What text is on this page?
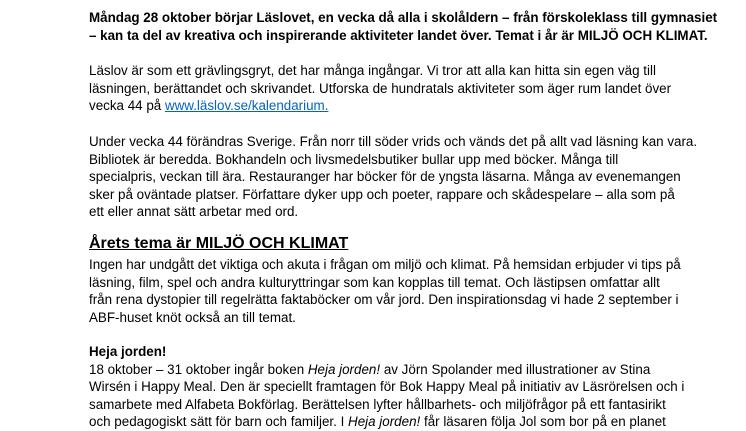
Måndag 28 oktober börjar Läslovet, en vecka då alla i skolåldern – från förskoleklass till gymnasiet
– kan ta del av kreativa och inspirerande aktiviteter landet över. Temat i år är MILJÖ OCH KLIMAT.

Läslov är som ett grävlingsgryt, det har många ingångar. Vi tror att alla kan hitta sin egen väg till
läsningen, berättandet och skrivandet. Utforska de hundratals aktiviteter som äger rum landet över
vecka 44 på www.läslov.se/kalendarium.

Under vecka 44 förändras Sverige. Från norr till söder vrids och vänds det på allt vad läsning kan vara.
Bibliotek är beredda. Bokhandeln och livsmedelsbutiker bullar upp med böcker. Många till
specialpris, veckan till ära. Restauranger har böcker för de yngsta läsarna. Många av evenemangen
sker på oväntade platser. Författare dyker upp och poeter, rappare och skådespelare – alla som på
ett eller annat sätt arbetar med ord.

Årets tema är MILJÖ OCH KLIMAT

Ingen har undgått det viktiga och akuta i frågan om miljö och klimat. På hemsidan erbjuder vi tips på
läsning, film, spel och andra kulturyttringar som kan kopplas till temat. Och lästipsen omfattar allt
från rena dystopier till regelrätta faktaböcker om vår jord. Den inspirationsdag vi hade 2 september i
ABF-huset knöt också an till temat.

Heja jorden!
18 oktober – 31 oktober ingår boken Heja jorden! av Jörn Spolander med illustrationer av Stina
Wirsén i Happy Meal. Den är speciellt framtagen för Bok Happy Meal på initiativ av Läsrörelsen och i
samarbete med Alfabeta Bokförlag. Berättelsen lyfter hållbarhets- och miljöfrågor på ett fantasirikt
och pedagogiskt sätt för barn och familjer. I Heja jorden! får läsaren följa Jol som bor på en planet
